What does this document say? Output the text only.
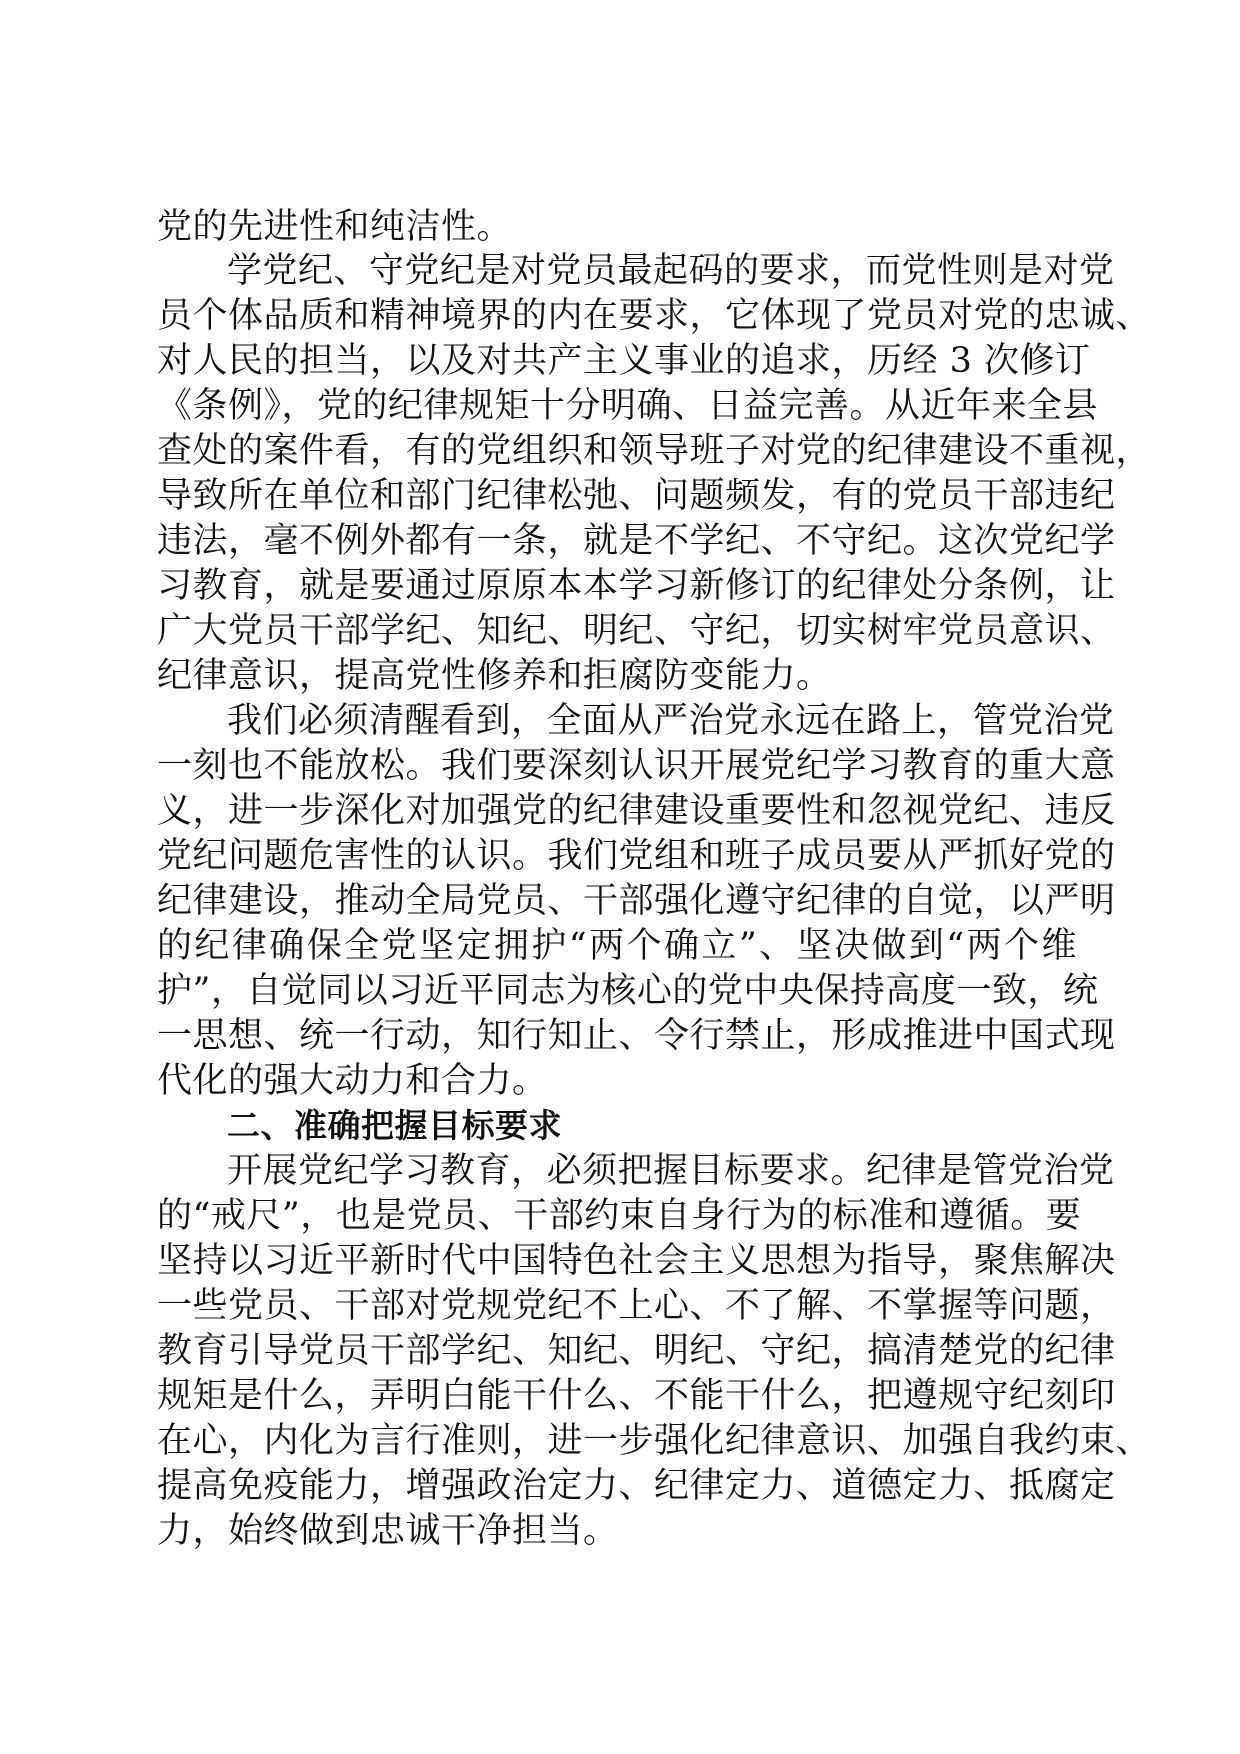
党的先进性和纯洁性。
学党纪、守党纪是对党员最起码的要求，而党性则是对党
员个体品质和精神境界的内在要求，它体现了党员对党的忠诚、
对人民的担当，以及对共产主义事业的追求，历经 3 次修订
《条例》，党的纪律规矩十分明确、日益完善。从近年来全县
查处的案件看，有的党组织和领导班子对党的纪律建设不重视，
导致所在单位和部门纪律松弛、问题频发，有的党员干部违纪
违法，毫不例外都有一条，就是不学纪、不守纪。这次党纪学
习教育，就是要通过原原本本学习新修订的纪律处分条例，让
广大党员干部学纪、知纪、明纪、守纪，切实树牢党员意识、
纪律意识，提高党性修养和拒腐防变能力。
我们必须清醒看到，全面从严治党永远在路上，管党治党
一刻也不能放松。我们要深刻认识开展党纪学习教育的重大意
义，进一步深化对加强党的纪律建设重要性和忽视党纪、违反
党纪问题危害性的认识。我们党组和班子成员要从严抓好党的
纪律建设，推动全局党员、干部强化遵守纪律的自觉，以严明
的纪律确保全党坚定拥护“两个确立”、坚决做到“两个维
护”，自觉同以习近平同志为核心的党中央保持高度一致，统
一思想、统一行动，知行知止、令行禁止，形成推进中国式现
代化的强大动力和合力。
二、准确把握目标要求
开展党纪学习教育，必须把握目标要求。纪律是管党治党
的“戒尺”，也是党员、干部约束自身行为的标准和遵循。要
坚持以习近平新时代中国特色社会主义思想为指导，聚焦解决
一些党员、干部对党规党纪不上心、不了解、不掌握等问题，
教育引导党员干部学纪、知纪、明纪、守纪，搞清楚党的纪律
规矩是什么，弄明白能干什么、不能干什么，把遵规守纪刻印
在心，内化为言行准则，进一步强化纪律意识、加强自我约束、
提高免疫能力，增强政治定力、纪律定力、道德定力、抵腐定
力，始终做到忠诚干净担当。
